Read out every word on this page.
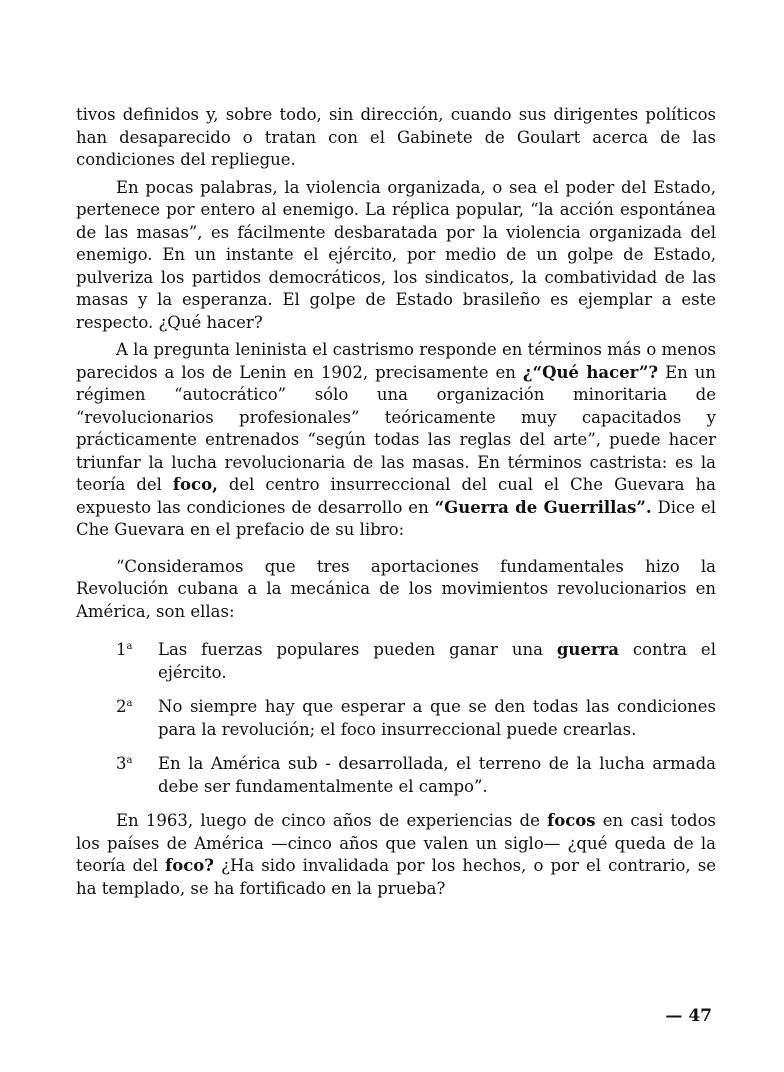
tivos definidos y, sobre todo, sin dirección, cuando sus dirigentes políticos han desaparecido o tratan con el Gabinete de Goulart acerca de las condiciones del repliegue.

En pocas palabras, la violencia organizada, o sea el poder del Estado, pertenece por entero al enemigo. La réplica popular, “la acción espontánea de las masas”, es fácilmente desbaratada por la violencia organizada del enemigo. En un instante el ejército, por medio de un golpe de Estado, pulveriza los partidos democráticos, los sindicatos, la combatividad de las masas y la esperanza. El golpe de Estado brasileño es ejemplar a este respecto. ¿Qué hacer?

A la pregunta leninista el castrismo responde en términos más o menos parecidos a los de Lenin en 1902, precisamente en ¿“Qué hacer”? En un régimen “autocrático” sólo una organización minoritaria de “revolucionarios profesionales” teóricamente muy capacitados y prácticamente entrenados “según todas las reglas del arte”, puede hacer triunfar la lucha revolucionaria de las masas. En términos castrista: es la teoría del foco, del centro insurreccional del cual el Che Guevara ha expuesto las condiciones de desarrollo en “Guerra de Guerrillas”. Dice el Che Guevara en el prefacio de su libro:

“Consideramos que tres aportaciones fundamentales hizo la Revolución cubana a la mecánica de los movimientos revolucionarios en América, son ellas:

1$^a$	Las fuerzas populares pueden ganar una guerra contra el ejército.
2$^a$	No siempre hay que esperar a que se den todas las condiciones para la revolución; el foco insurreccional puede crearlas.
3$^a$	En la América sub - desarrollada, el terreno de la lucha armada debe ser fundamentalmente el campo”.

En 1963, luego de cinco años de experiencias de focos en casi todos los países de América —cinco años que valen un siglo— ¿qué queda de la teoría del foco? ¿Ha sido invalidada por los hechos, o por el contrario, se ha templado, se ha fortificado en la prueba?

— 47
